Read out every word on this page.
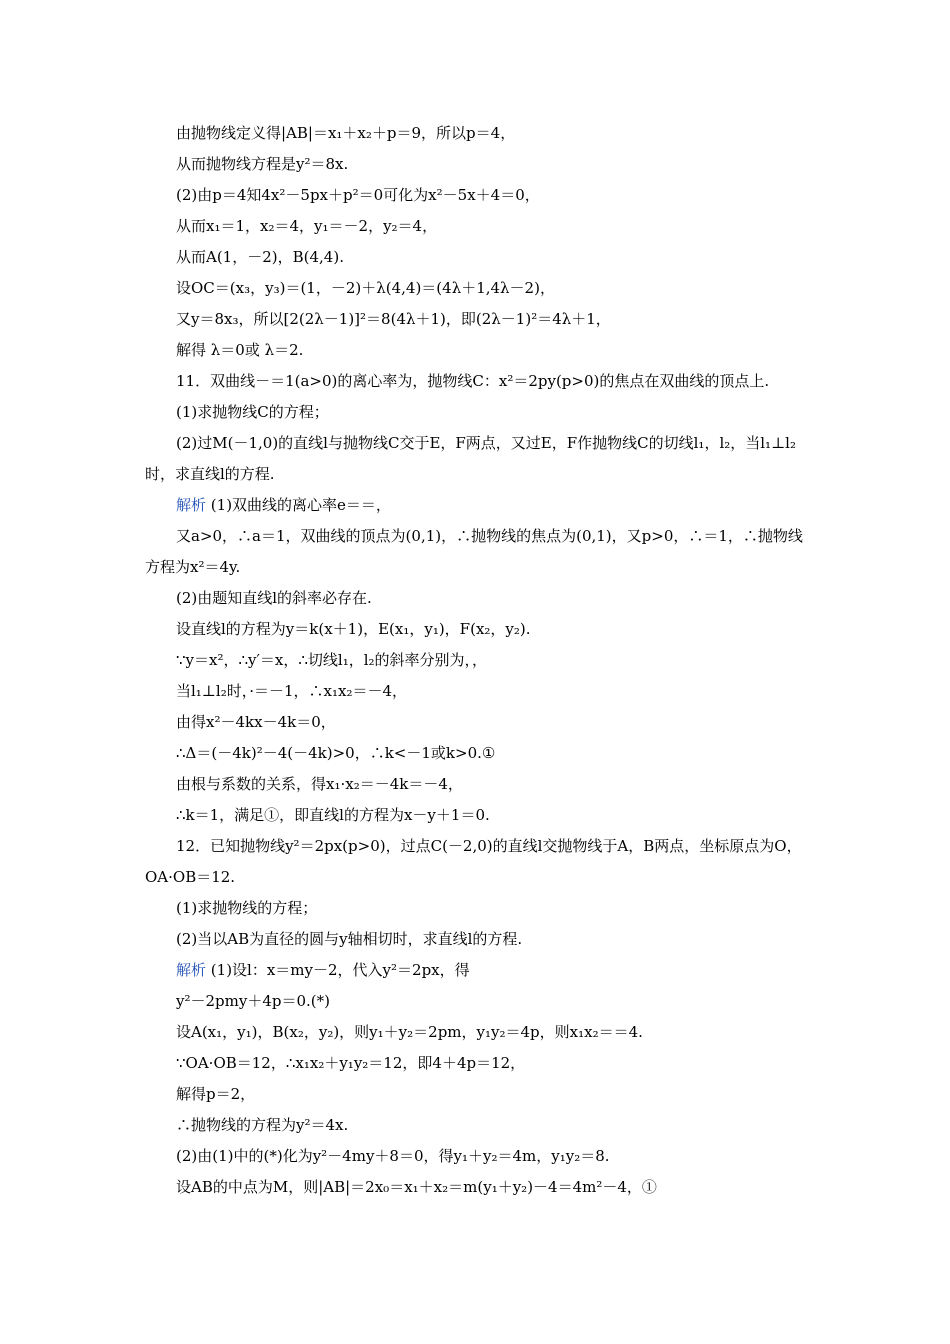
由抛物线定义得|AB|＝x₁＋x₂＋p＝9，所以p＝4，
从而抛物线方程是y²＝8x.
(2)由p＝4知4x²－5px＋p²＝0可化为x²－5x＋4＝0，
从而x₁＝1，x₂＝4，y₁＝－2，y₂＝4，
从而A(1，－2)，B(4,4).
设OC＝(x₃，y₃)＝(1，－2)＋λ(4,4)＝(4λ＋1,4λ－2)，
又y＝8x₃，所以[2(2λ－1)]²＝8(4λ＋1)，即(2λ－1)²＝4λ＋1，
解得 λ＝0或 λ＝2.
11．双曲线－＝1(a>0)的离心率为，抛物线C：x²＝2py(p>0)的焦点在双曲线的顶点上.
(1)求抛物线C的方程；
(2)过M(－1,0)的直线l与抛物线C交于E，F两点，又过E，F作抛物线C的切线l₁，l₂，当l₁⊥l₂时，求直线l的方程.
解析 (1)双曲线的离心率e＝＝，
又a>0，∴a＝1，双曲线的顶点为(0,1)，∴抛物线的焦点为(0,1)，又p>0，∴＝1，∴抛物线方程为x²＝4y.
(2)由题知直线l的斜率必存在.
设直线l的方程为y＝k(x＋1)，E(x₁，y₁)，F(x₂，y₂).
∵y＝x²，∴y′＝x，∴切线l₁，l₂的斜率分别为，，
当l₁⊥l₂时，·＝－1，∴x₁x₂＝－4，
由得x²－4kx－4k＝0，
∴Δ＝(－4k)²－4(－4k)>0，∴k<－1或k>0.①
由根与系数的关系，得x₁·x₂＝－4k＝－4，
∴k＝1，满足①，即直线l的方程为x－y＋1＝0.
12．已知抛物线y²＝2px(p>0)，过点C(－2,0)的直线l交抛物线于A，B两点，坐标原点为O，OA·OB＝12.
(1)求抛物线的方程；
(2)当以AB为直径的圆与y轴相切时，求直线l的方程.
解析 (1)设l：x＝my－2，代入y²＝2px，得
y²－2pmy＋4p＝0.(*)
设A(x₁，y₁)，B(x₂，y₂)，则y₁＋y₂＝2pm，y₁y₂＝4p，则x₁x₂＝＝4.
∵OA·OB＝12，∴x₁x₂＋y₁y₂＝12，即4＋4p＝12，
解得p＝2，
∴抛物线的方程为y²＝4x.
(2)由(1)中的(*)化为y²－4my＋8＝0，得y₁＋y₂＝4m，y₁y₂＝8.
设AB的中点为M，则|AB|＝2x₀＝x₁＋x₂＝m(y₁＋y₂)－4＝4m²－4，①
